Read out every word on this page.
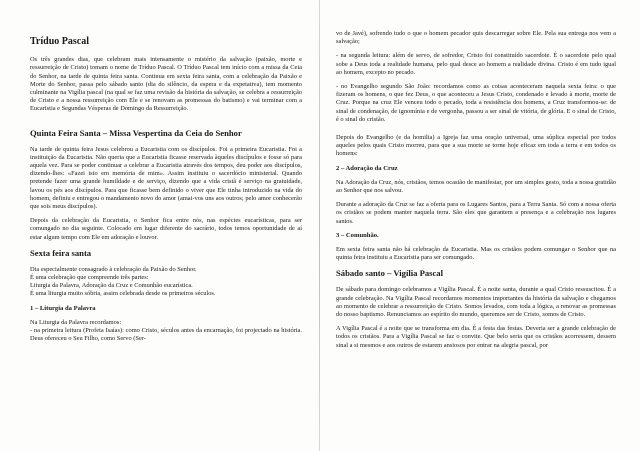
Tríduo Pascal

Os três grandes dias, que celebram mais intensamente o mistério da salvação (paixão, morte e ressurreição de Cristo) tomam o nome de Tríduo Pascal. O Tríduo Pascal tem início com a missa da Ceia do Senhor, na tarde de quinta feira santa. Continua em sexta feira santa, com a celebração da Paixão e Morte do Senhor, passa pelo sábado santo (dia do silêncio, da espera e da expetativa), tem momento culminante na Vigília pascal (na qual se faz uma revisão da história da salvação, se celebra a ressurreição de Cristo e a nossa ressurreição com Ele e se renovam as promessas do batismo) e vai terminar com a Eucaristia e Segundas Vésperas de Domingo da Ressurreição.

Quinta Feira Santa – Missa Vespertina da Ceia do Senhor

Na tarde de quinta feira Jesus celebrou a Eucaristia com os discípulos. Foi a primeira Eucaristia. Foi a instituição da Eucaristia. Não queria que a Eucaristia ficasse reservada àqueles discípulos e fosse só para aquela vez. Para se poder continuar a celebrar a Eucaristia através dos tempos, deu poder aos discípulos, dizendo-lhes: «Fazei isto em memória de mim». Assim instituiu o sacerdócio ministerial. Quando pretende fazer uma grande humildade e de serviço, dizendo que a vida cristã é serviço na gratuidade, lavou os pés aos discípulos. Para que ficasse bem definido o viver que Ele tinha introduzido na vida do homem, definiu e entregou o mandamento novo do amor (amai-vos uns aos outros; pelo amor conhecerão que sois meus discípulos).

Depois da celebração da Eucaristia, o Senhor fica entre nós, nas espécies eucarísticas, para ser comungado no dia seguinte. Colocado em lugar diferente do sacrário, todos temos oportunidade de aí estar algum tempo com Ele em adoração e louvor.

Sexta feira santa

Dia especialmente consagrado à celebração da Paixão do Senhor.

É uma celebração que compreende três partes:

Liturgia da Palavra, Adoração da Cruz e Comunhão eucarística.

É uma liturgia muito sóbria, assim celebrada desde os primeiros séculos.

1 – Liturgia da Palavra

Na Liturgia da Palavra recordamos:

- na primeira leitura (Profeta Isaías): como Cristo, séculos antes da encarnação, foi projectado na história. Deus ofereceu o Seu Filho, como Servo (Ser-

vo de Javé), sofrendo tudo o que o homem pecador quis descarregar sobre Ele. Pela sua entrega nos vem a salvação;

- na segunda leitura: além de servo, de sofredor, Cristo foi constituído sacerdote. É o sacerdote pelo qual sobe a Deus toda a realidade humana, pelo qual desce ao homem a realidade divina. Cristo é em tudo igual ao homem, excepto no pecado.

- no Evangelho segundo São João: recordamos como as coisas aconteceram naquela sexta feira: o que fizeram os homens, o que fez Deus, o que aconteceu a Jesus Cristo, condenado e levado à morte, morte de Cruz. Porque na cruz Ele venceu todo o pecado, toda a resistência dos homens, a Cruz transformou-se: de sinal de condenação, de ignomínia e de vergonha, passou a ser sinal de vitória, de glória. E o sinal de Cristo, é o sinal do cristão.

Depois do Evangelho (e da homilia) a Igreja faz uma oração universal, uma súplica especial por todos aqueles pelos quais Cristo morreu, para que a sua morte se torne hoje eficaz em toda a terra e em todos os homens:

2 – Adoração da Cruz

Na Adoração da Cruz, nós, cristãos, temos ocasião de manifestar, por um simples gesto, toda a nossa gratidão ao Senhor que nos salvou.

Durante a adoração da Cruz se faz a oferta para os Lugares Santos, para a Terra Santa. Só com a nossa oferta os cristãos se podem manter naquela terra. São eles que garantem a presença e a celebração nos lugares santos.

3 – Comunhão.

Em sexta feira santa não há celebração da Eucaristia. Mas os cristãos podem comungar o Senhor que na quinta feira instituiu a Eucaristia para ser comungado.

Sábado santo – Vigília Pascal

De sábado para domingo celebramos a Vigília Pascal. É a noite santa, durante a qual Cristo ressuscitou. É a grande celebração. Na Vigília Pascal recordamos momentos importantes da história da salvação e chegamos ao momento de celebrar a ressurreição de Cristo. Somos levados, com toda a lógica, a renovar as promessas do nosso baptismo. Renunciamos ao espírito do mundo, queremos ser de Cristo, somos de Cristo.

A Vigília Pascal é a noite que se transforma em dia. É a festa das festas. Deveria ser a grande celebração de todos os cristãos. Para a Vigília Pascal se faz o convite. Que belo seria que os cristãos acorressem, dessem sinal a si mesmos e aos outros de estarem ansiosos por entrar na alegria pascal, por
